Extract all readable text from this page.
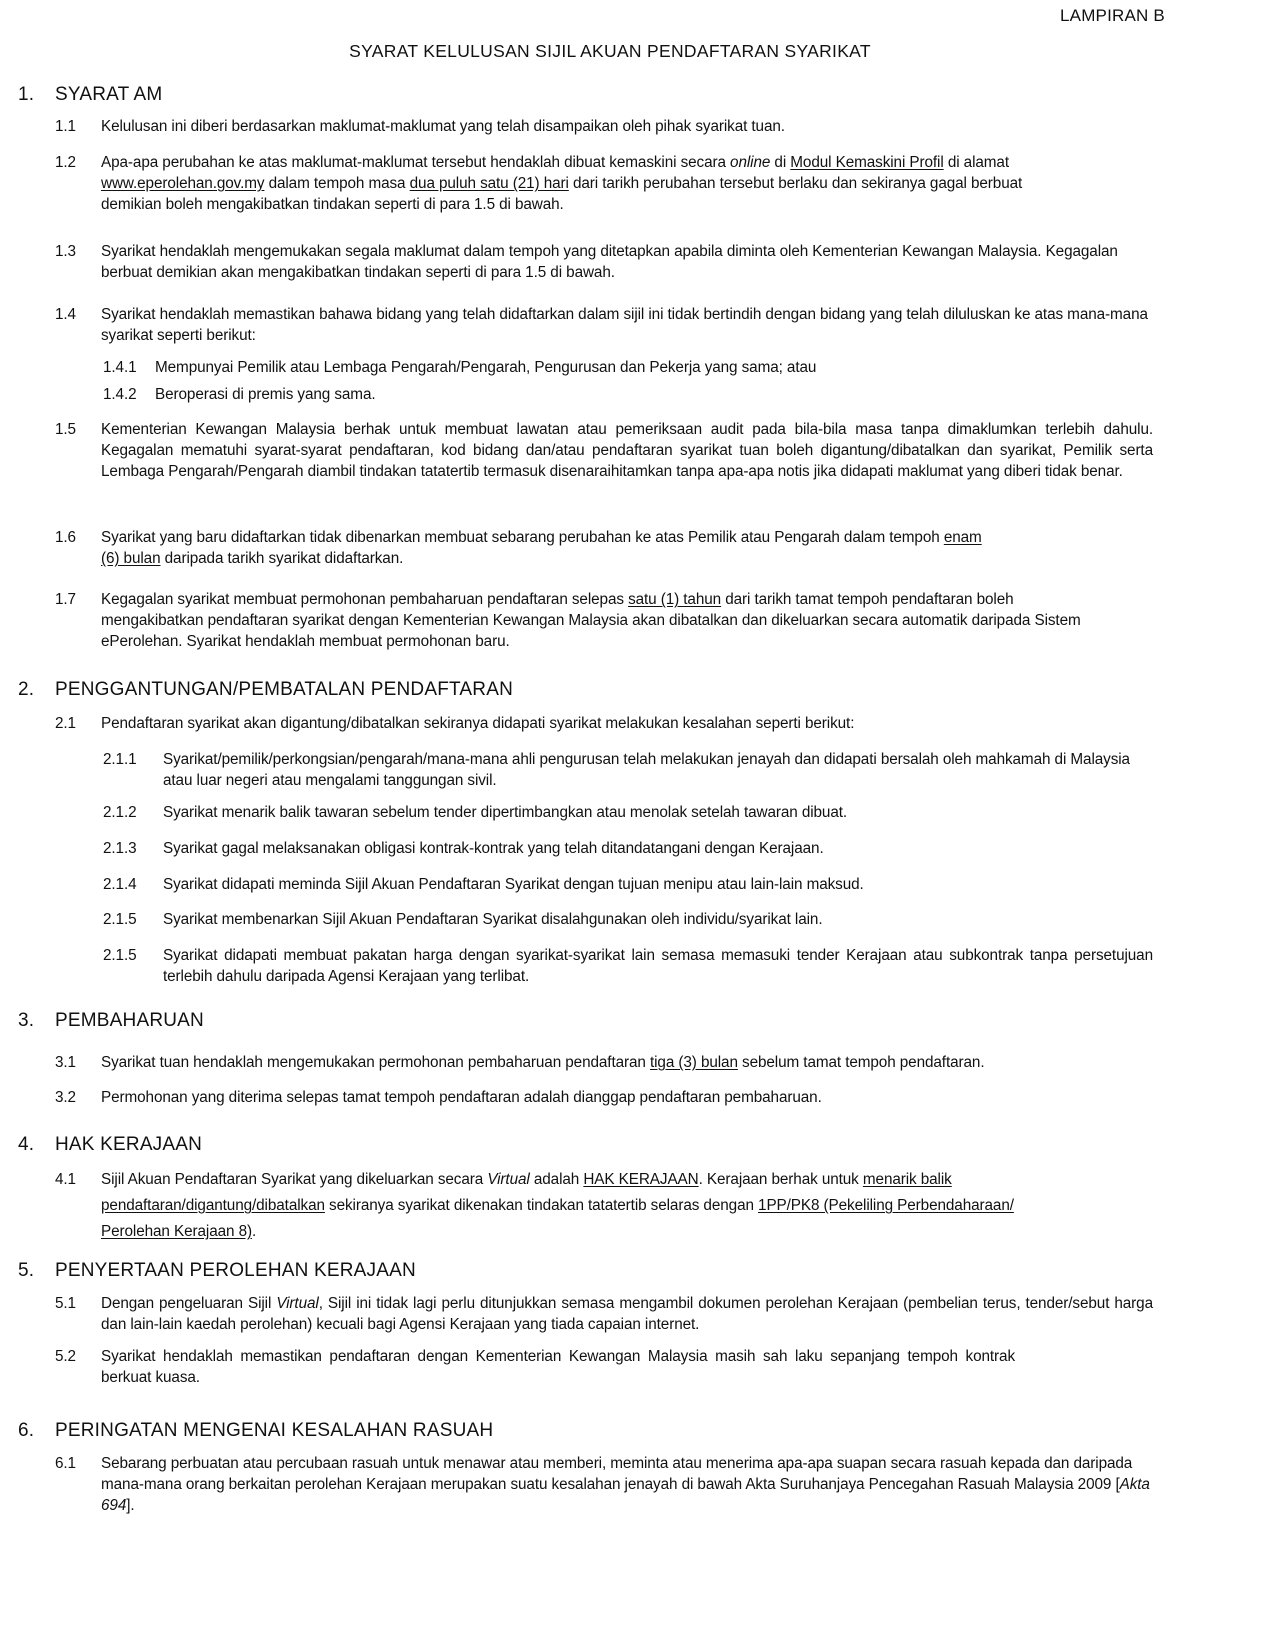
LAMPIRAN B
SYARAT KELULUSAN SIJIL AKUAN PENDAFTARAN SYARIKAT
1. SYARAT AM
1.1 Kelulusan ini diberi berdasarkan maklumat-maklumat yang telah disampaikan oleh pihak syarikat tuan.
1.2 Apa-apa perubahan ke atas maklumat-maklumat tersebut hendaklah dibuat kemaskini secara online di Modul Kemaskini Profil di alamat www.eperolehan.gov.my dalam tempoh masa dua puluh satu (21) hari dari tarikh perubahan tersebut berlaku dan sekiranya gagal berbuat demikian boleh mengakibatkan tindakan seperti di para 1.5 di bawah.
1.3 Syarikat hendaklah mengemukakan segala maklumat dalam tempoh yang ditetapkan apabila diminta oleh Kementerian Kewangan Malaysia. Kegagalan berbuat demikian akan mengakibatkan tindakan seperti di para 1.5 di bawah.
1.4 Syarikat hendaklah memastikan bahawa bidang yang telah didaftarkan dalam sijil ini tidak bertindih dengan bidang yang telah diluluskan ke atas mana-mana syarikat seperti berikut:
1.4.1 Mempunyai Pemilik atau Lembaga Pengarah/Pengarah, Pengurusan dan Pekerja yang sama; atau
1.4.2 Beroperasi di premis yang sama.
1.5 Kementerian Kewangan Malaysia berhak untuk membuat lawatan atau pemeriksaan audit pada bila-bila masa tanpa dimaklumkan terlebih dahulu. Kegagalan mematuhi syarat-syarat pendaftaran, kod bidang dan/atau pendaftaran syarikat tuan boleh digantung/dibatalkan dan syarikat, Pemilik serta Lembaga Pengarah/Pengarah diambil tindakan tatatertib termasuk disenaraihitamkan tanpa apa-apa notis jika didapati maklumat yang diberi tidak benar.
1.6 Syarikat yang baru didaftarkan tidak dibenarkan membuat sebarang perubahan ke atas Pemilik atau Pengarah dalam tempoh enam (6) bulan daripada tarikh syarikat didaftarkan.
1.7 Kegagalan syarikat membuat permohonan pembaharuan pendaftaran selepas satu (1) tahun dari tarikh tamat tempoh pendaftaran boleh mengakibatkan pendaftaran syarikat dengan Kementerian Kewangan Malaysia akan dibatalkan dan dikeluarkan secara automatik daripada Sistem ePerolehan. Syarikat hendaklah membuat permohonan baru.
2. PENGGANTUNGAN/PEMBATALAN PENDAFTARAN
2.1 Pendaftaran syarikat akan digantung/dibatalkan sekiranya didapati syarikat melakukan kesalahan seperti berikut:
2.1.1 Syarikat/pemilik/perkongsian/pengarah/mana-mana ahli pengurusan telah melakukan jenayah dan didapati bersalah oleh mahkamah di Malaysia atau luar negeri atau mengalami tanggungan sivil.
2.1.2 Syarikat menarik balik tawaran sebelum tender dipertimbangkan atau menolak setelah tawaran dibuat.
2.1.3 Syarikat gagal melaksanakan obligasi kontrak-kontrak yang telah ditandatangani dengan Kerajaan.
2.1.4 Syarikat didapati meminda Sijil Akuan Pendaftaran Syarikat dengan tujuan menipu atau lain-lain maksud.
2.1.5 Syarikat membenarkan Sijil Akuan Pendaftaran Syarikat disalahgunakan oleh individu/syarikat lain.
2.1.5 Syarikat didapati membuat pakatan harga dengan syarikat-syarikat lain semasa memasuki tender Kerajaan atau subkontrak tanpa persetujuan terlebih dahulu daripada Agensi Kerajaan yang terlibat.
3. PEMBAHARUAN
3.1 Syarikat tuan hendaklah mengemukakan permohonan pembaharuan pendaftaran tiga (3) bulan sebelum tamat tempoh pendaftaran.
3.2 Permohonan yang diterima selepas tamat tempoh pendaftaran adalah dianggap pendaftaran pembaharuan.
4. HAK KERAJAAN
4.1 Sijil Akuan Pendaftaran Syarikat yang dikeluarkan secara Virtual adalah HAK KERAJAAN. Kerajaan berhak untuk menarik balik pendaftaran/digantung/dibatalkan sekiranya syarikat dikenakan tindakan tatatertib selaras dengan 1PP/PK8 (Pekeliling Perbendaharaan/ Perolehan Kerajaan 8).
5. PENYERTAAN PEROLEHAN KERAJAAN
5.1 Dengan pengeluaran Sijil Virtual, Sijil ini tidak lagi perlu ditunjukkan semasa mengambil dokumen perolehan Kerajaan (pembelian terus, tender/sebut harga dan lain-lain kaedah perolehan) kecuali bagi Agensi Kerajaan yang tiada capaian internet.
5.2 Syarikat hendaklah memastikan pendaftaran dengan Kementerian Kewangan Malaysia masih sah laku sepanjang tempoh kontrak berkuat kuasa.
6. PERINGATAN MENGENAI KESALAHAN RASUAH
6.1 Sebarang perbuatan atau percubaan rasuah untuk menawar atau memberi, meminta atau menerima apa-apa suapan secara rasuah kepada dan daripada mana-mana orang berkaitan perolehan Kerajaan merupakan suatu kesalahan jenayah di bawah Akta Suruhanjaya Pencegahan Rasuah Malaysia 2009 [Akta 694].
